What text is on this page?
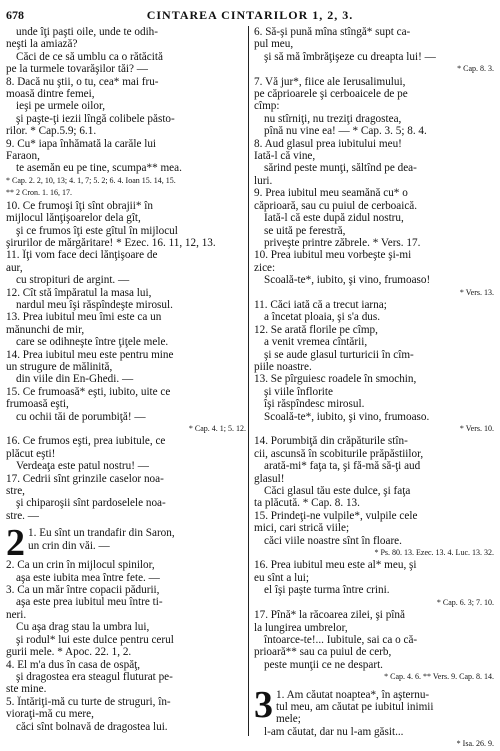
678	CINTAREA CINTARILOR 1, 2, 3.
unde îţi paşti oile, unde te odih-
neşti la amiază?
Căci de ce să umblu ca o rătăcită
pe la turmele tovarăşilor tăi? —
8. Dacă nu ştii, o tu, cea* mai fru-
moasă dintre femei,
ieşi pe urmele oilor,
şi paşte-ţi iezii lîngă colibele păsto-
rilor. * Cap.5.9; 6.1.
9. Cu* iapa înhămată la carăle lui
Faraon,
te asemăn eu pe tine, scumpa** mea.
* Cap. 2. 2, 10, 13; 4. 1, 7; 5. 2; 6. 4. Ioan 15. 14, 15.
** 2 Cron. 1. 16, 17.
10. Ce frumoşi îţi sînt obrajii* în
mijlocul lănţişoarelor dela gît,
şi ce frumos îţi este gîtul în mijlocul
şirurilor de mărgăritare! * Ezec. 16. 11, 12, 13.
11. Îţi vom face deci lănţişoare de
aur,
cu stropituri de argint. —
12. Cît stă împăratul la masa lui,
nardul meu îşi răspîndeşte mirosul.
13. Prea iubitul meu îmi este ca un
mănunchi de mir,
care se odihneşte între ţiţele mele.
14. Prea iubitul meu este pentru mine
un strugure de mălinită,
din viile din En-Ghedi. —
15. Ce frumoasă* eşti, iubito, uite ce
frumoasă eşti,
cu ochii tăi de porumbiţă! —
* Cap. 4. 1; 5. 12.
16. Ce frumos eşti, prea iubitule, ce
plăcut eşti!
Verdeaţa este patul nostru! —
17. Cedrii sînt grinzile caselor noa-
stre,
şi chiparoşii sînt pardoselele noa-
stre. —
2 1. Eu sînt un trandafir din Saron,
un crin din văi. —
2. Ca un crin în mijlocul spinilor,
aşa este iubita mea între fete. —
3. Ca un măr între copacii pădurii,
aşa este prea iubitul meu între ti-
neri.
Cu aşa drag stau la umbra lui,
şi rodul* lui este dulce pentru cerul
gurii mele. * Apoc. 22. 1, 2.
4. El m'a dus în casa de ospăţ,
şi dragostea era steagul fluturat pe-
ste mine.
5. Întăriţi-mă cu turte de struguri, în-
vioraţi-mă cu mere,
căci sînt bolnavă de dragostea lui.
6. Să-şi pună mîna stîngă* supt ca-
pul meu,
şi să mă îmbrăţişeze cu dreapta lui! —
* Cap. 8. 3.
7. Vă jur*, fiice ale Ierusalimului,
pe căprioarele şi cerboaicele de pe
cîmp:
nu stîrniţi, nu treziţi dragostea,
pînă nu vine ea! — * Cap. 3. 5; 8. 4.
8. Aud glasul prea iubitului meu!
Iată-l că vine,
sărind peste munţi, săltînd pe dea-
luri.
9. Prea iubitul meu seamănă cu* o
căprioară, sau cu puiul de cerboaică.
Iată-l că este după zidul nostru,
se uită pe ferestră,
priveşte printre zăbrele. * Vers. 17.
10. Prea iubitul meu vorbeşte şi-mi
zice:
Scoală-te*, iubito, şi vino, frumoaso!
* Vers. 13.
11. Căci iată că a trecut iarna;
a încetat ploaia, şi s'a dus.
12. Se arată florile pe cîmp,
a venit vremea cîntării,
şi se aude glasul turturicii în cîm-
piile noastre.
13. Se pîrguiesc roadele în smochin,
şi viile înflorite
îşi răspîndesc mirosul.
Scoală-te*, iubito, şi vino, frumoaso.
* Vers. 10.
14. Porumbiţă din crăpăturile stîn-
cii, ascunsă în scobiturile prăpăstiilor,
arată-mi* faţa ta, şi fă-mă să-ţi aud
glasul!
Căci glasul tău este dulce, şi faţa
ta plăcută. * Cap. 8. 13.
15. Prindeţi-ne vulpile*, vulpile cele
mici, cari strică viile;
căci viile noastre sînt în floare.
* Ps. 80. 13. Ezec. 13. 4. Luc. 13. 32.
16. Prea iubitul meu este al* meu, şi
eu sînt a lui;
el îşi paşte turma între crini.
* Cap. 6. 3; 7. 10.
17. Pînă* la răcoarea zilei, şi pînă
la lungirea umbrelor,
întoarce-te!... Iubitule, sai ca o că-
prioară** sau ca puiul de cerb,
peste munţii ce ne despart.
* Cap. 4. 6. ** Vers. 9. Cap. 8. 14.
3 1. Am căutat noaptea*, în aşternu-
tul meu, am căutat pe iubitul inimii
mele;
l-am căutat, dar nu l-am găsit...
* Isa. 26. 9.
